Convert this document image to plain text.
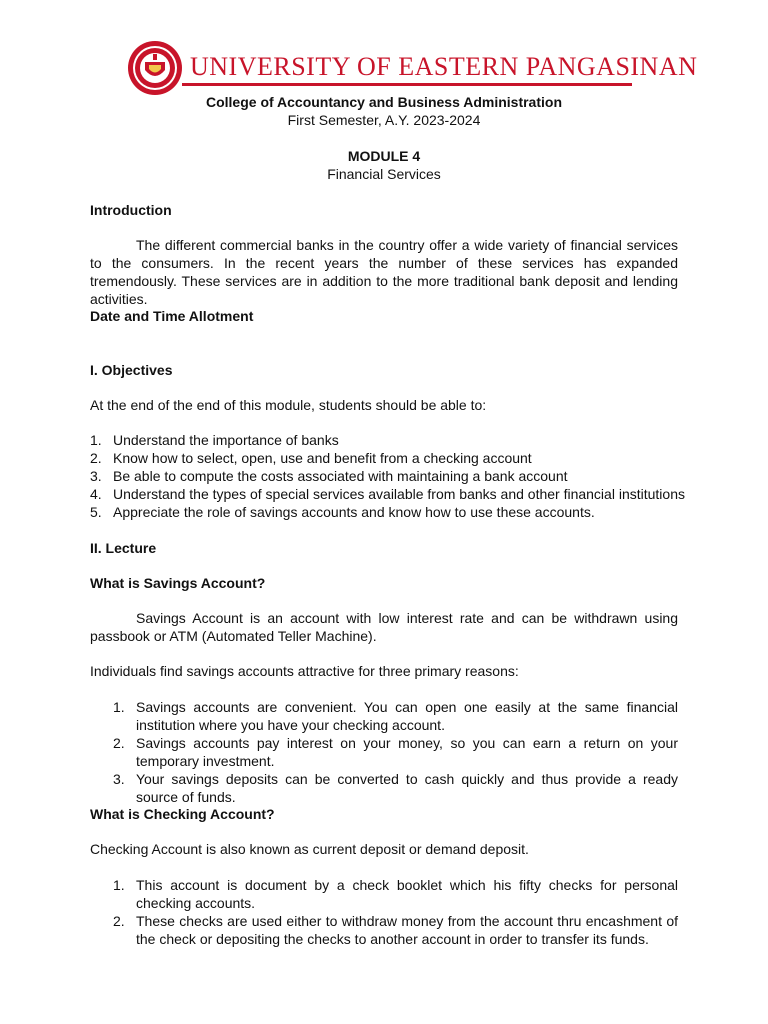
UNIVERSITY OF EASTERN PANGASINAN
College of Accountancy and Business Administration
First Semester, A.Y. 2023-2024
MODULE 4
Financial Services
Introduction
The different commercial banks in the country offer a wide variety of financial services to the consumers. In the recent years the number of these services has expanded tremendously. These services are in addition to the more traditional bank deposit and lending activities.
Date and Time Allotment
I. Objectives
At the end of the end of this module, students should be able to:
1. Understand the importance of banks
2. Know how to select, open, use and benefit from a checking account
3. Be able to compute the costs associated with maintaining a bank account
4. Understand the types of special services available from banks and other financial institutions
5. Appreciate the role of savings accounts and know how to use these accounts.
II. Lecture
What is Savings Account?
Savings Account is an account with low interest rate and can be withdrawn using passbook or ATM (Automated Teller Machine).
Individuals find savings accounts attractive for three primary reasons:
1. Savings accounts are convenient. You can open one easily at the same financial institution where you have your checking account.
2. Savings accounts pay interest on your money, so you can earn a return on your temporary investment.
3. Your savings deposits can be converted to cash quickly and thus provide a ready source of funds.
What is Checking Account?
Checking Account is also known as current deposit or demand deposit.
1. This account is document by a check booklet which his fifty checks for personal checking accounts.
2. These checks are used either to withdraw money from the account thru encashment of the check or depositing the checks to another account in order to transfer its funds.
